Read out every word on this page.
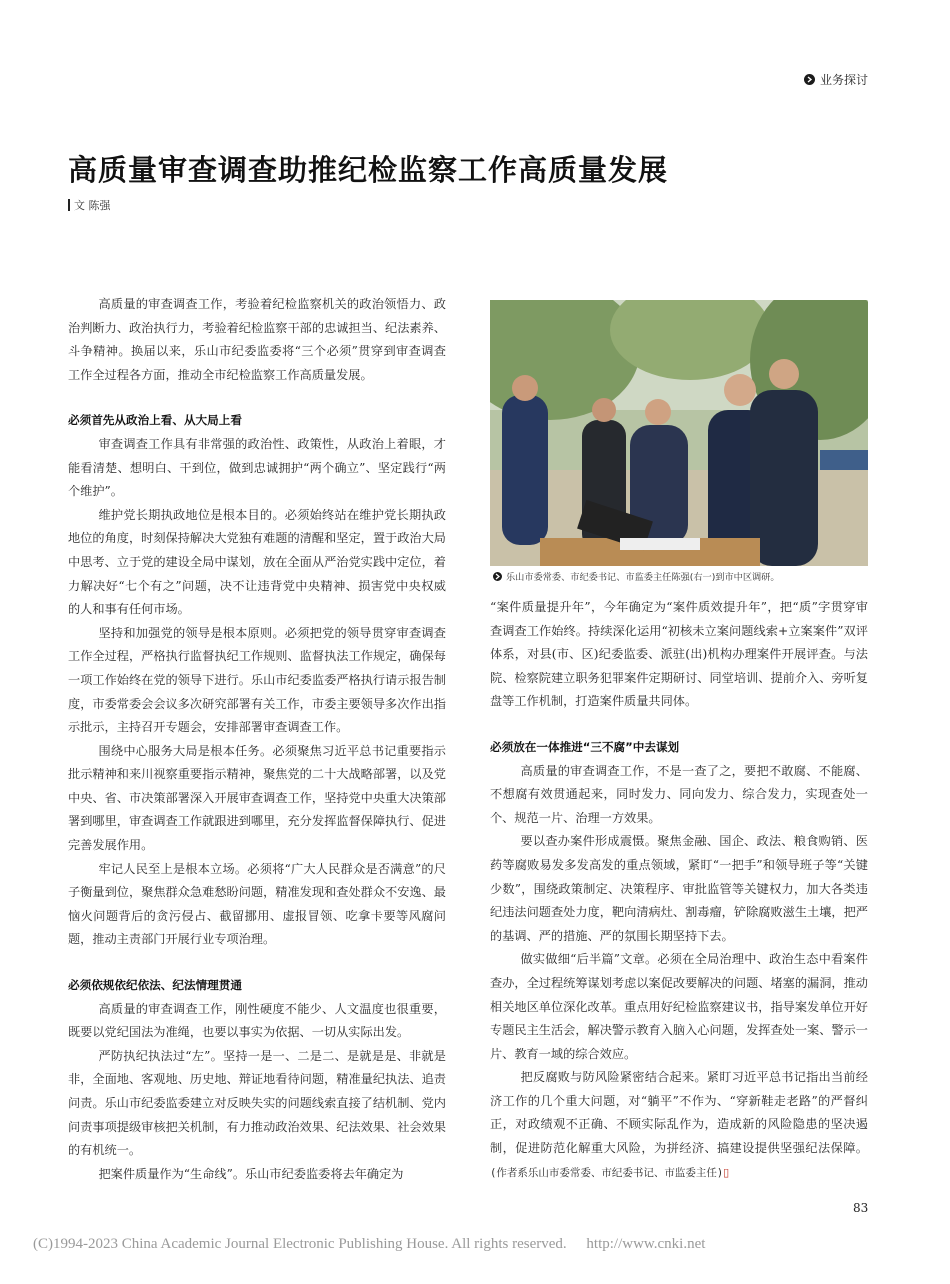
业务探讨
高质量审查调查助推纪检监察工作高质量发展
文 陈强

高质量的审查调查工作，考验着纪检监察机关的政治领悟力、政治判断力、政治执行力，考验着纪检监察干部的忠诚担当、纪法素养、斗争精神。换届以来，乐山市纪委监委将“三个必须”贯穿到审查调查工作全过程各方面，推动全市纪检监察工作高质量发展。

必须首先从政治上看、从大局上看

审查调查工作具有非常强的政治性、政策性，从政治上着眼，才能看清楚、想明白、干到位，做到忠诚拥护“两个确立”、坚定践行“两个维护”。

维护党长期执政地位是根本目的。必须始终站在维护党长期执政地位的角度，时刻保持解决大党独有难题的清醒和坚定，置于政治大局中思考、立于党的建设全局中谋划，放在全面从严治党实践中定位，着力解决好“七个有之”问题，决不让违背党中央精神、损害党中央权威的人和事有任何市场。

坚持和加强党的领导是根本原则。必须把党的领导贯穿审查调查工作全过程，严格执行监督执纪工作规则、监督执法工作规定，确保每一项工作始终在党的领导下进行。乐山市纪委监委严格执行请示报告制度，市委常委会会议多次研究部署有关工作，市委主要领导多次作出指示批示，主持召开专题会，安排部署审查调查工作。

围绕中心服务大局是根本任务。必须聚焦习近平总书记重要指示批示精神和来川视察重要指示精神，聚焦党的二十大战略部署，以及党中央、省、市决策部署深入开展审查调查工作，坚持党中央重大决策部署到哪里，审查调查工作就跟进到哪里，充分发挥监督保障执行、促进完善发展作用。

牢记人民至上是根本立场。必须将“广大人民群众是否满意”的尺子衡量到位，聚焦群众急难愁盼问题，精准发现和查处群众不安逸、最恼火问题背后的贪污侵占、截留挪用、虚报冒领、吃拿卡要等风腐问题，推动主责部门开展行业专项治理。

必须依规依纪依法、纪法情理贯通

高质量的审查调查工作，刚性硬度不能少、人文温度也很重要，既要以党纪国法为准绳，也要以事实为依据、一切从实际出发。

严防执纪执法过“左”。坚持一是一、二是二、是就是是、非就是非，全面地、客观地、历史地、辩证地看待问题，精准量纪执法、追责问责。乐山市纪委监委建立对反映失实的问题线索直接了结机制、党内问责事项提级审核把关机制，有力推动政治效果、纪法效果、社会效果的有机统一。

把案件质量作为“生命线”。乐山市纪委监委将去年确定为

乐山市委常委、市纪委书记、市监委主任陈强(右一)到市中区调研。

“案件质量提升年”，今年确定为“案件质效提升年”，把“质”字贯穿审查调查工作始终。持续深化运用“初核未立案问题线索+立案案件”双评体系，对县(市、区)纪委监委、派驻(出)机构办理案件开展评查。与法院、检察院建立职务犯罪案件定期研讨、同堂培训、提前介入、旁听复盘等工作机制，打造案件质量共同体。

必须放在一体推进“三不腐”中去谋划

高质量的审查调查工作，不是一查了之，要把不敢腐、不能腐、不想腐有效贯通起来，同时发力、同向发力、综合发力，实现查处一个、规范一片、治理一方效果。

要以查办案件形成震慑。聚焦金融、国企、政法、粮食购销、医药等腐败易发多发高发的重点领域，紧盯“一把手”和领导班子等“关键少数”，围绕政策制定、决策程序、审批监管等关键权力，加大各类违纪违法问题查处力度，靶向清病灶、割毒瘤，铲除腐败滋生土壤，把严的基调、严的措施、严的氛围长期坚持下去。

做实做细“后半篇”文章。必须在全局治理中、政治生态中看案件查办，全过程统筹谋划考虑以案促改要解决的问题、堵塞的漏洞，推动相关地区单位深化改革。重点用好纪检监察建议书，指导案发单位开好专题民主生活会，解决警示教育入脑入心问题，发挥查处一案、警示一片、教育一域的综合效应。

把反腐败与防风险紧密结合起来。紧盯习近平总书记指出当前经济工作的几个重大问题，对“躺平”不作为、“穿新鞋走老路”的严督纠正，对政绩观不正确、不顾实际乱作为，造成新的风险隐患的坚决遏制，促进防范化解重大风险，为拼经济、搞建设提供坚强纪法保障。(作者系乐山市委常委、市纪委书记、市监委主任)▯

83
(C)1994-2023 China Academic Journal Electronic Publishing House. All rights reserved. http://www.cnki.net
